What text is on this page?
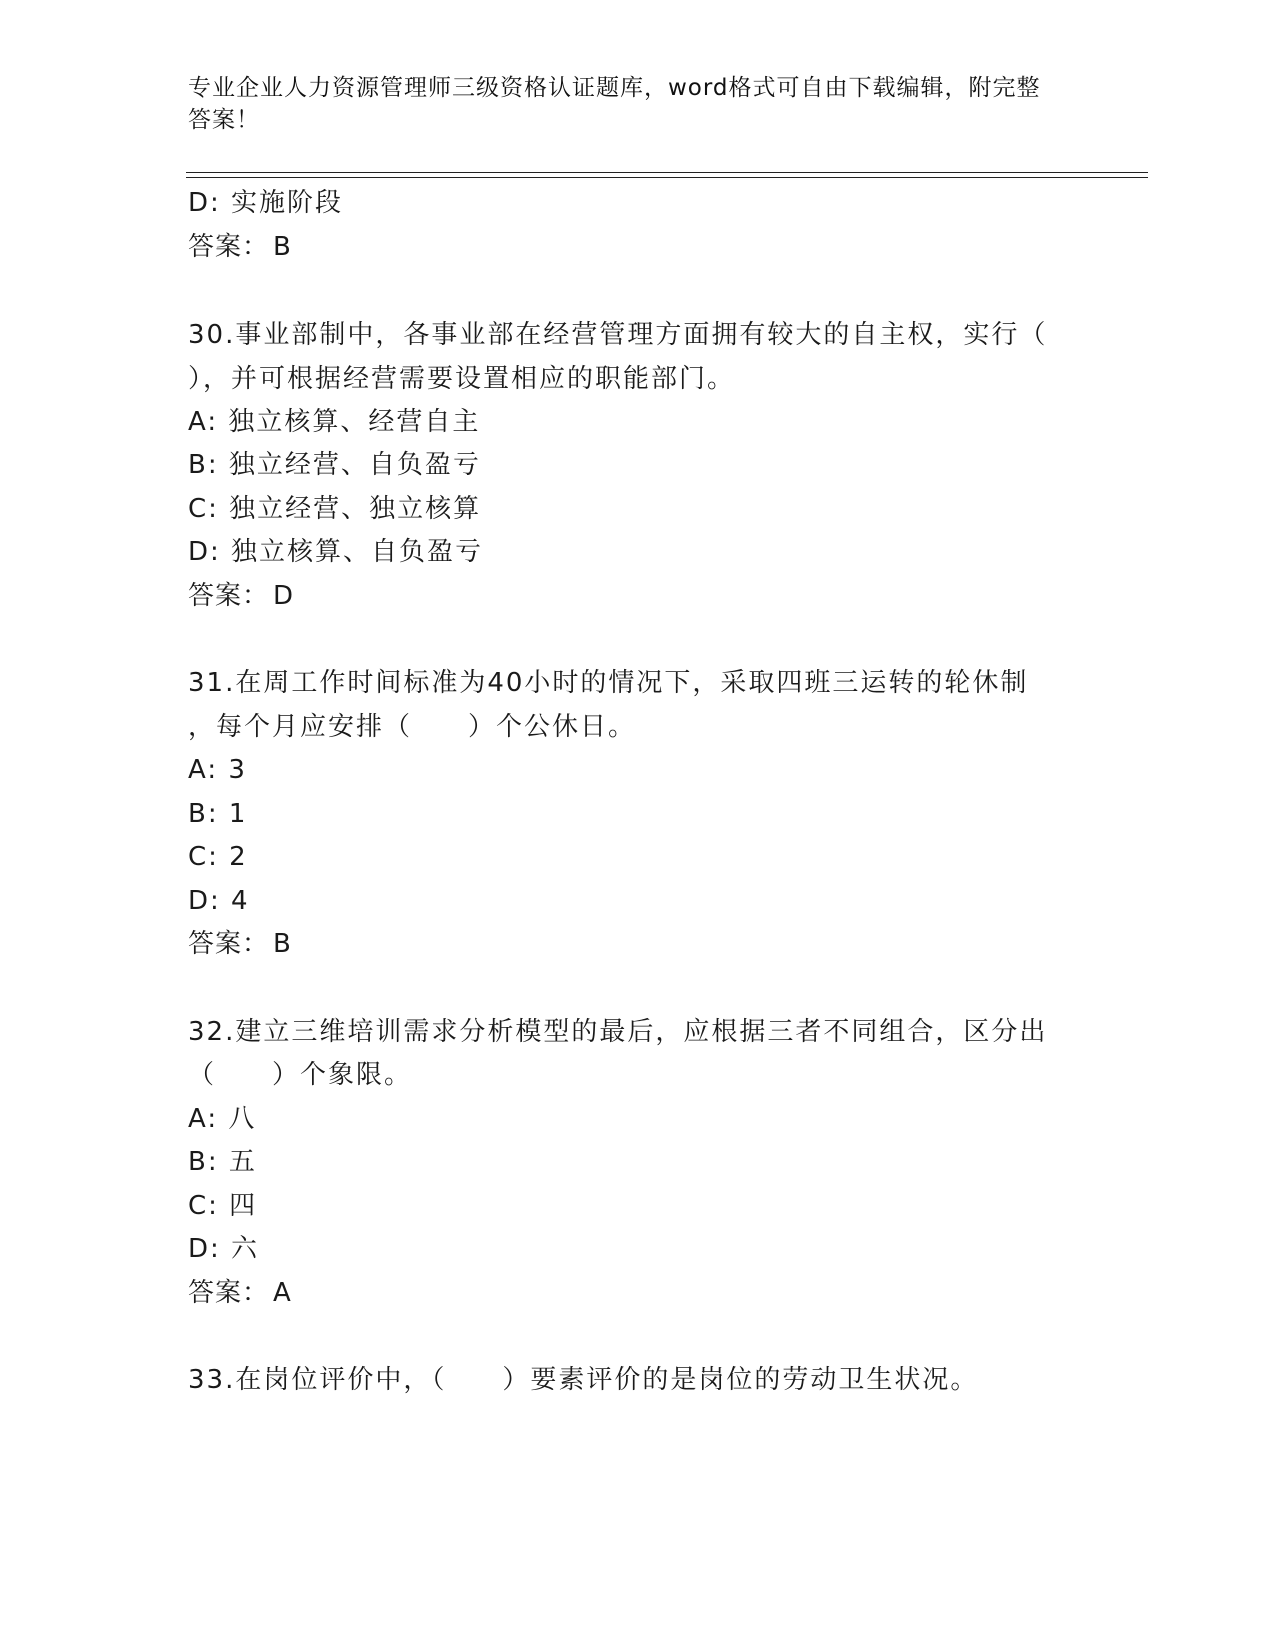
专业企业人力资源管理师三级资格认证题库，word格式可自由下载编辑，附完整
答案！
D: 实施阶段
答案： B
30.事业部制中，各事业部在经营管理方面拥有较大的自主权，实行（
），并可根据经营需要设置相应的职能部门。
A: 独立核算、经营自主
B: 独立经营、自负盈亏
C: 独立经营、独立核算
D: 独立核算、自负盈亏
答案： D
31.在周工作时间标准为40小时的情况下，采取四班三运转的轮休制
，每个月应安排（　　）个公休日。
A: 3
B: 1
C: 2
D: 4
答案： B
32.建立三维培训需求分析模型的最后，应根据三者不同组合，区分出
（　　）个象限。
A: 八
B: 五
C: 四
D: 六
答案： A
33.在岗位评价中，（　　）要素评价的是岗位的劳动卫生状况。
